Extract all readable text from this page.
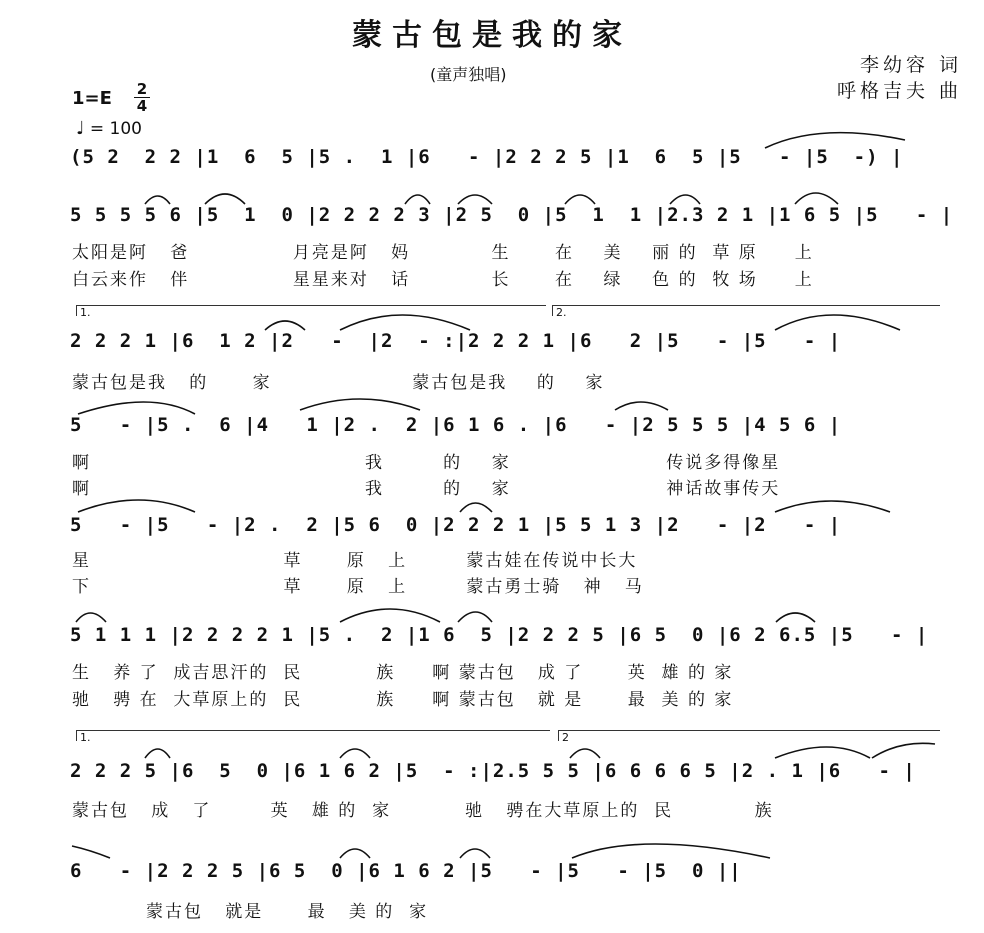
蒙古包是我的家
(童声独唱)	李幼容 词
呼格吉夫 曲
1=E 2
4
♩ = 100
(5 2  2 2 |1  6  5 |5 .  1 |6   - |2 2 2 5 |1  6  5 |5   - |5  -) |
5 5 5 5 6 |5  1  0 |2 2 2 2 3 |2 5  0 |5  1  1 |2.3 2 1 |1 6 5 |5   - |
太阳是阿   爸              月亮是阿   妈           生      在    美    丽 的  草 原     上
白云来作   伴              星星来对   话           长      在    绿    色 的  牧 场     上
1.	2.
2 2 2 1 |6  1 2 |2   -  |2  - :|2 2 2 1 |6   2 |5   - |5   - |
蒙古包是我   的      家                   蒙古包是我    的    家
5   - |5 .  6 |4   1 |2 .  2 |6 1 6 . |6   - |2 5 5 5 |4 5 6 |
啊                                     我        的    家                     传说多得像星
啊                                     我        的    家                     神话故事传天
5   - |5   - |2 .  2 |5 6  0 |2 2 2 1 |5 5 1 3 |2   - |2   - |
星                          草      原   上        蒙古娃在传说中长大
下                          草      原   上        蒙古勇士骑   神   马
5 1 1 1 |2 2 2 2 1 |5 .  2 |1 6  5 |2 2 2 5 |6 5  0 |6 2 6.5 |5   - |
生   养 了  成吉思汗的  民          族     啊 蒙古包   成 了      英  雄 的 家
驰   骋 在  大草原上的  民          族     啊 蒙古包   就 是      最  美 的 家
1.	2
2 2 2 5 |6  5  0 |6 1 6 2 |5  - :|2.5 5 5 |6 6 6 6 5 |2 . 1 |6   - |
蒙古包   成   了        英   雄 的  家          驰   骋在大草原上的  民           族
6   - |2 2 2 5 |6 5  0 |6 1 6 2 |5   - |5   - |5  0 ||
蒙古包   就是      最   美 的  家
